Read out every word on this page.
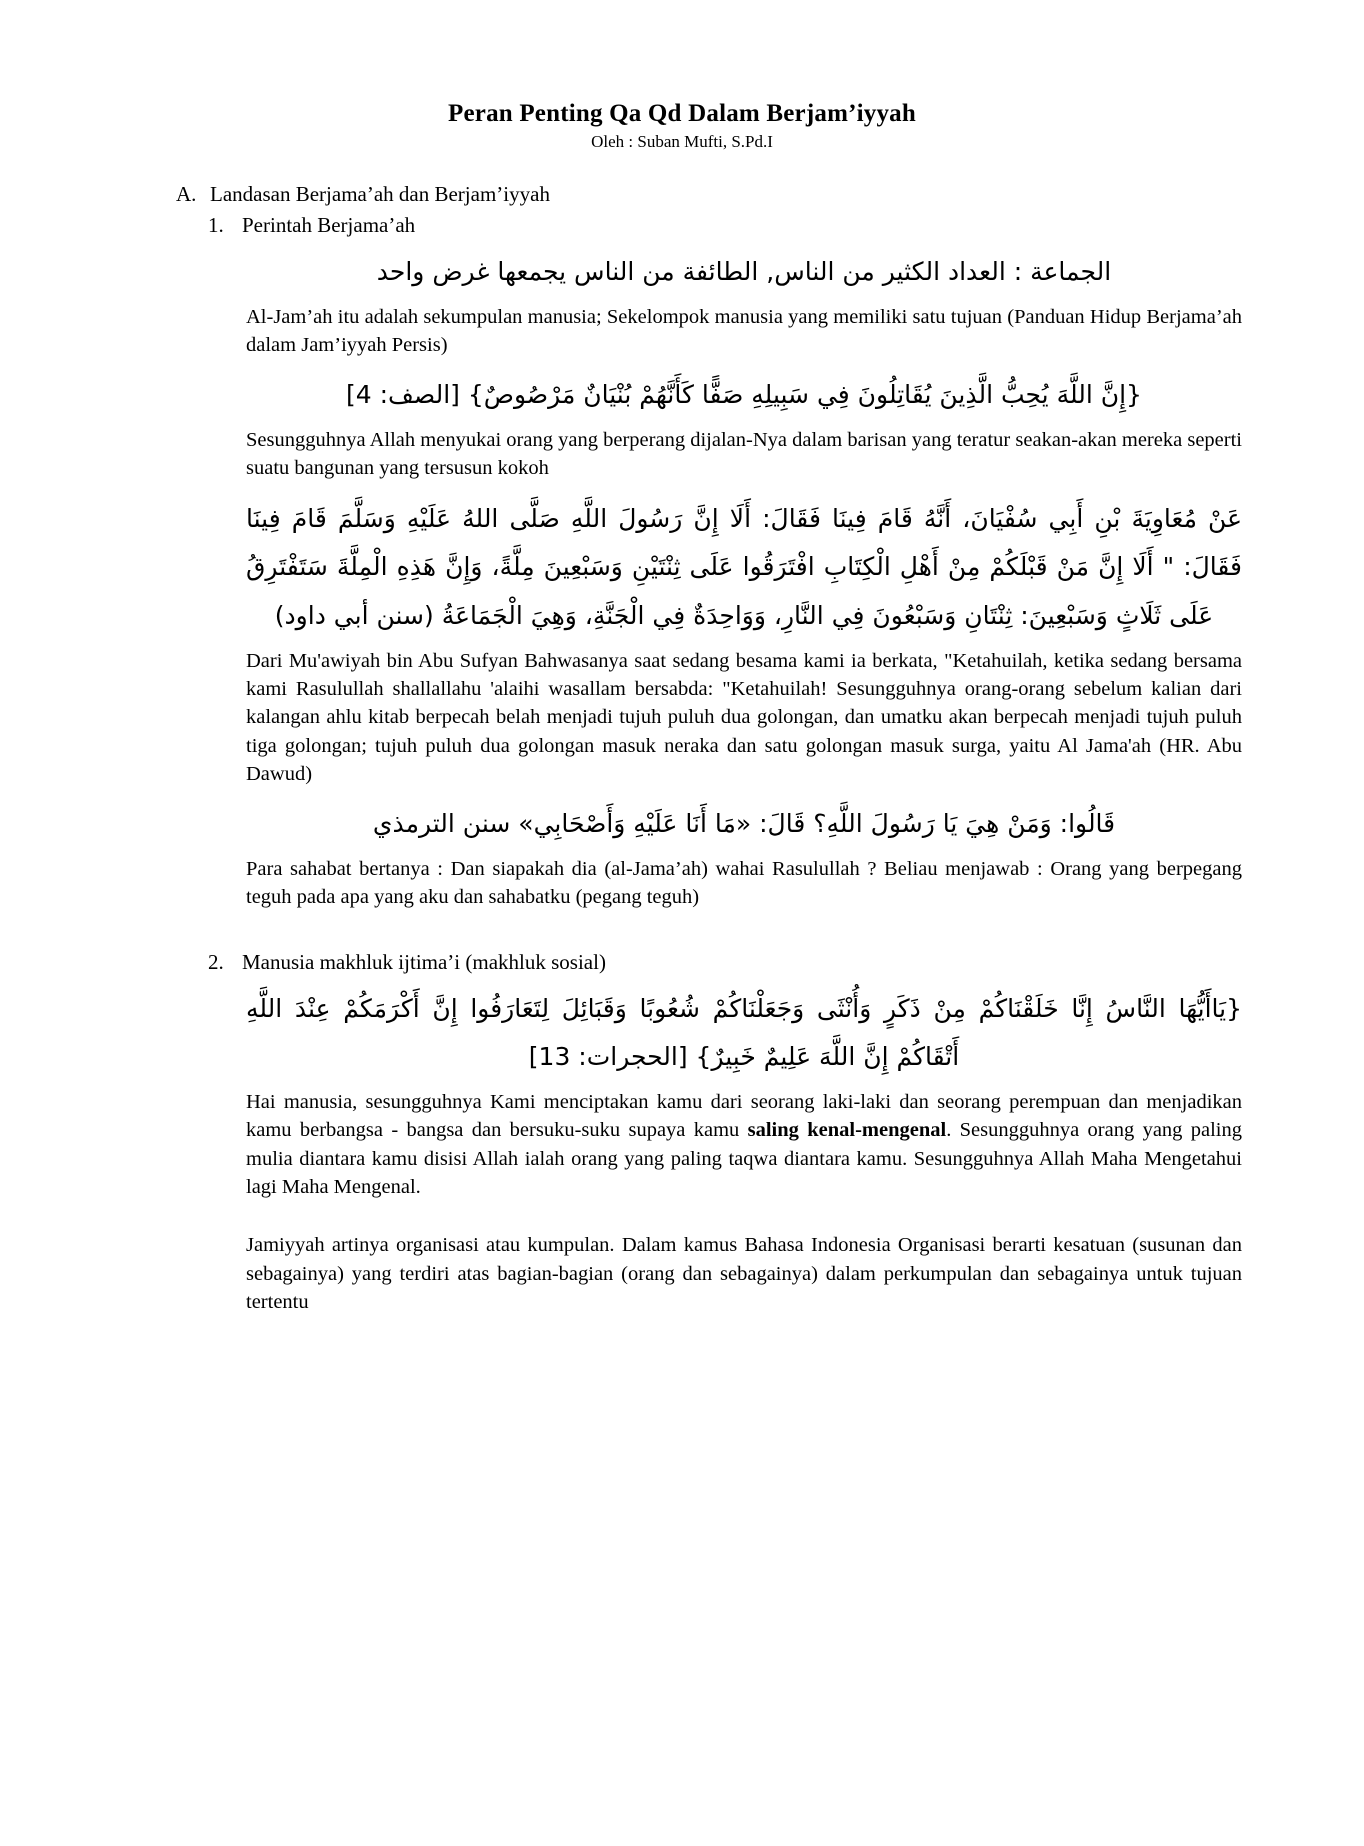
Peran Penting Qa Qd Dalam Berjam’iyyah
Oleh : Suban Mufti, S.Pd.I
A. Landasan Berjama’ah dan Berjam’iyyah
1. Perintah Berjama’ah

الجماعة : العداد الكثير من الناس, الطائفة من الناس يجمعها غرض واحد

Al-Jam’ah itu adalah sekumpulan manusia; Sekelompok manusia yang memiliki satu tujuan (Panduan Hidup Berjama’ah dalam Jam’iyyah Persis)

{إِنَّ اللَّهَ يُحِبُّ الَّذِينَ يُقَاتِلُونَ فِي سَبِيلِهِ صَفًّا كَأَنَّهُمْ بُنْيَانٌ مَرْصُوصٌ} [الصف: 4]

Sesungguhnya Allah menyukai orang yang berperang dijalan-Nya dalam barisan yang teratur seakan-akan mereka seperti suatu bangunan yang tersusun kokoh

عَنْ مُعَاوِيَةَ بْنِ أَبِي سُفْيَانَ، أَنَّهُ قَامَ فِينَا فَقَالَ: أَلَا إِنَّ رَسُولَ اللَّهِ صَلَّى اللهُ عَلَيْهِ وَسَلَّمَ قَامَ فِينَا فَقَالَ: " أَلَا إِنَّ مَنْ قَبْلَكُمْ مِنْ أَهْلِ الْكِتَابِ افْتَرَقُوا عَلَى ثِنْتَيْنِ وَسَبْعِينَ مِلَّةً، وَإِنَّ هَذِهِ الْمِلَّةَ سَتَفْتَرِقُ عَلَى ثَلَاثٍ وَسَبْعِينَ: ثِنْتَانِ وَسَبْعُونَ فِي النَّارِ، وَوَاحِدَةٌ فِي الْجَنَّةِ، وَهِيَ الْجَمَاعَةُ (سنن أبي داود)

Dari Mu'awiyah bin Abu Sufyan Bahwasanya saat sedang besama kami ia berkata, "Ketahuilah, ketika sedang bersama kami Rasulullah shallallahu 'alaihi wasallam bersabda: "Ketahuilah! Sesungguhnya orang-orang sebelum kalian dari kalangan ahlu kitab berpecah belah menjadi tujuh puluh dua golongan, dan umatku akan berpecah menjadi tujuh puluh tiga golongan; tujuh puluh dua golongan masuk neraka dan satu golongan masuk surga, yaitu Al Jama'ah (HR. Abu Dawud)

قَالُوا: وَمَنْ هِيَ يَا رَسُولَ اللَّهِ؟ قَالَ: «مَا أَنَا عَلَيْهِ وَأَصْحَابِي» سنن الترمذي

Para sahabat bertanya : Dan siapakah dia (al-Jama’ah) wahai Rasulullah ? Beliau menjawab : Orang yang berpegang teguh pada apa yang aku dan sahabatku (pegang teguh)

2. Manusia makhluk ijtima’i (makhluk sosial)

{يَاأَيُّهَا النَّاسُ إِنَّا خَلَقْنَاكُمْ مِنْ ذَكَرٍ وَأُنْثَى وَجَعَلْنَاكُمْ شُعُوبًا وَقَبَائِلَ لِتَعَارَفُوا إِنَّ أَكْرَمَكُمْ عِنْدَ اللَّهِ أَتْقَاكُمْ إِنَّ اللَّهَ عَلِيمٌ خَبِيرٌ} [الحجرات: 13]

Hai manusia, sesungguhnya Kami menciptakan kamu dari seorang laki-laki dan seorang perempuan dan menjadikan kamu berbangsa - bangsa dan bersuku-suku supaya kamu saling kenal-mengenal. Sesungguhnya orang yang paling mulia diantara kamu disisi Allah ialah orang yang paling taqwa diantara kamu. Sesungguhnya Allah Maha Mengetahui lagi Maha Mengenal.

Jamiyyah artinya organisasi atau kumpulan. Dalam kamus Bahasa Indonesia Organisasi berarti kesatuan (susunan dan sebagainya) yang terdiri atas bagian-bagian (orang dan sebagainya) dalam perkumpulan dan sebagainya untuk tujuan tertentu
